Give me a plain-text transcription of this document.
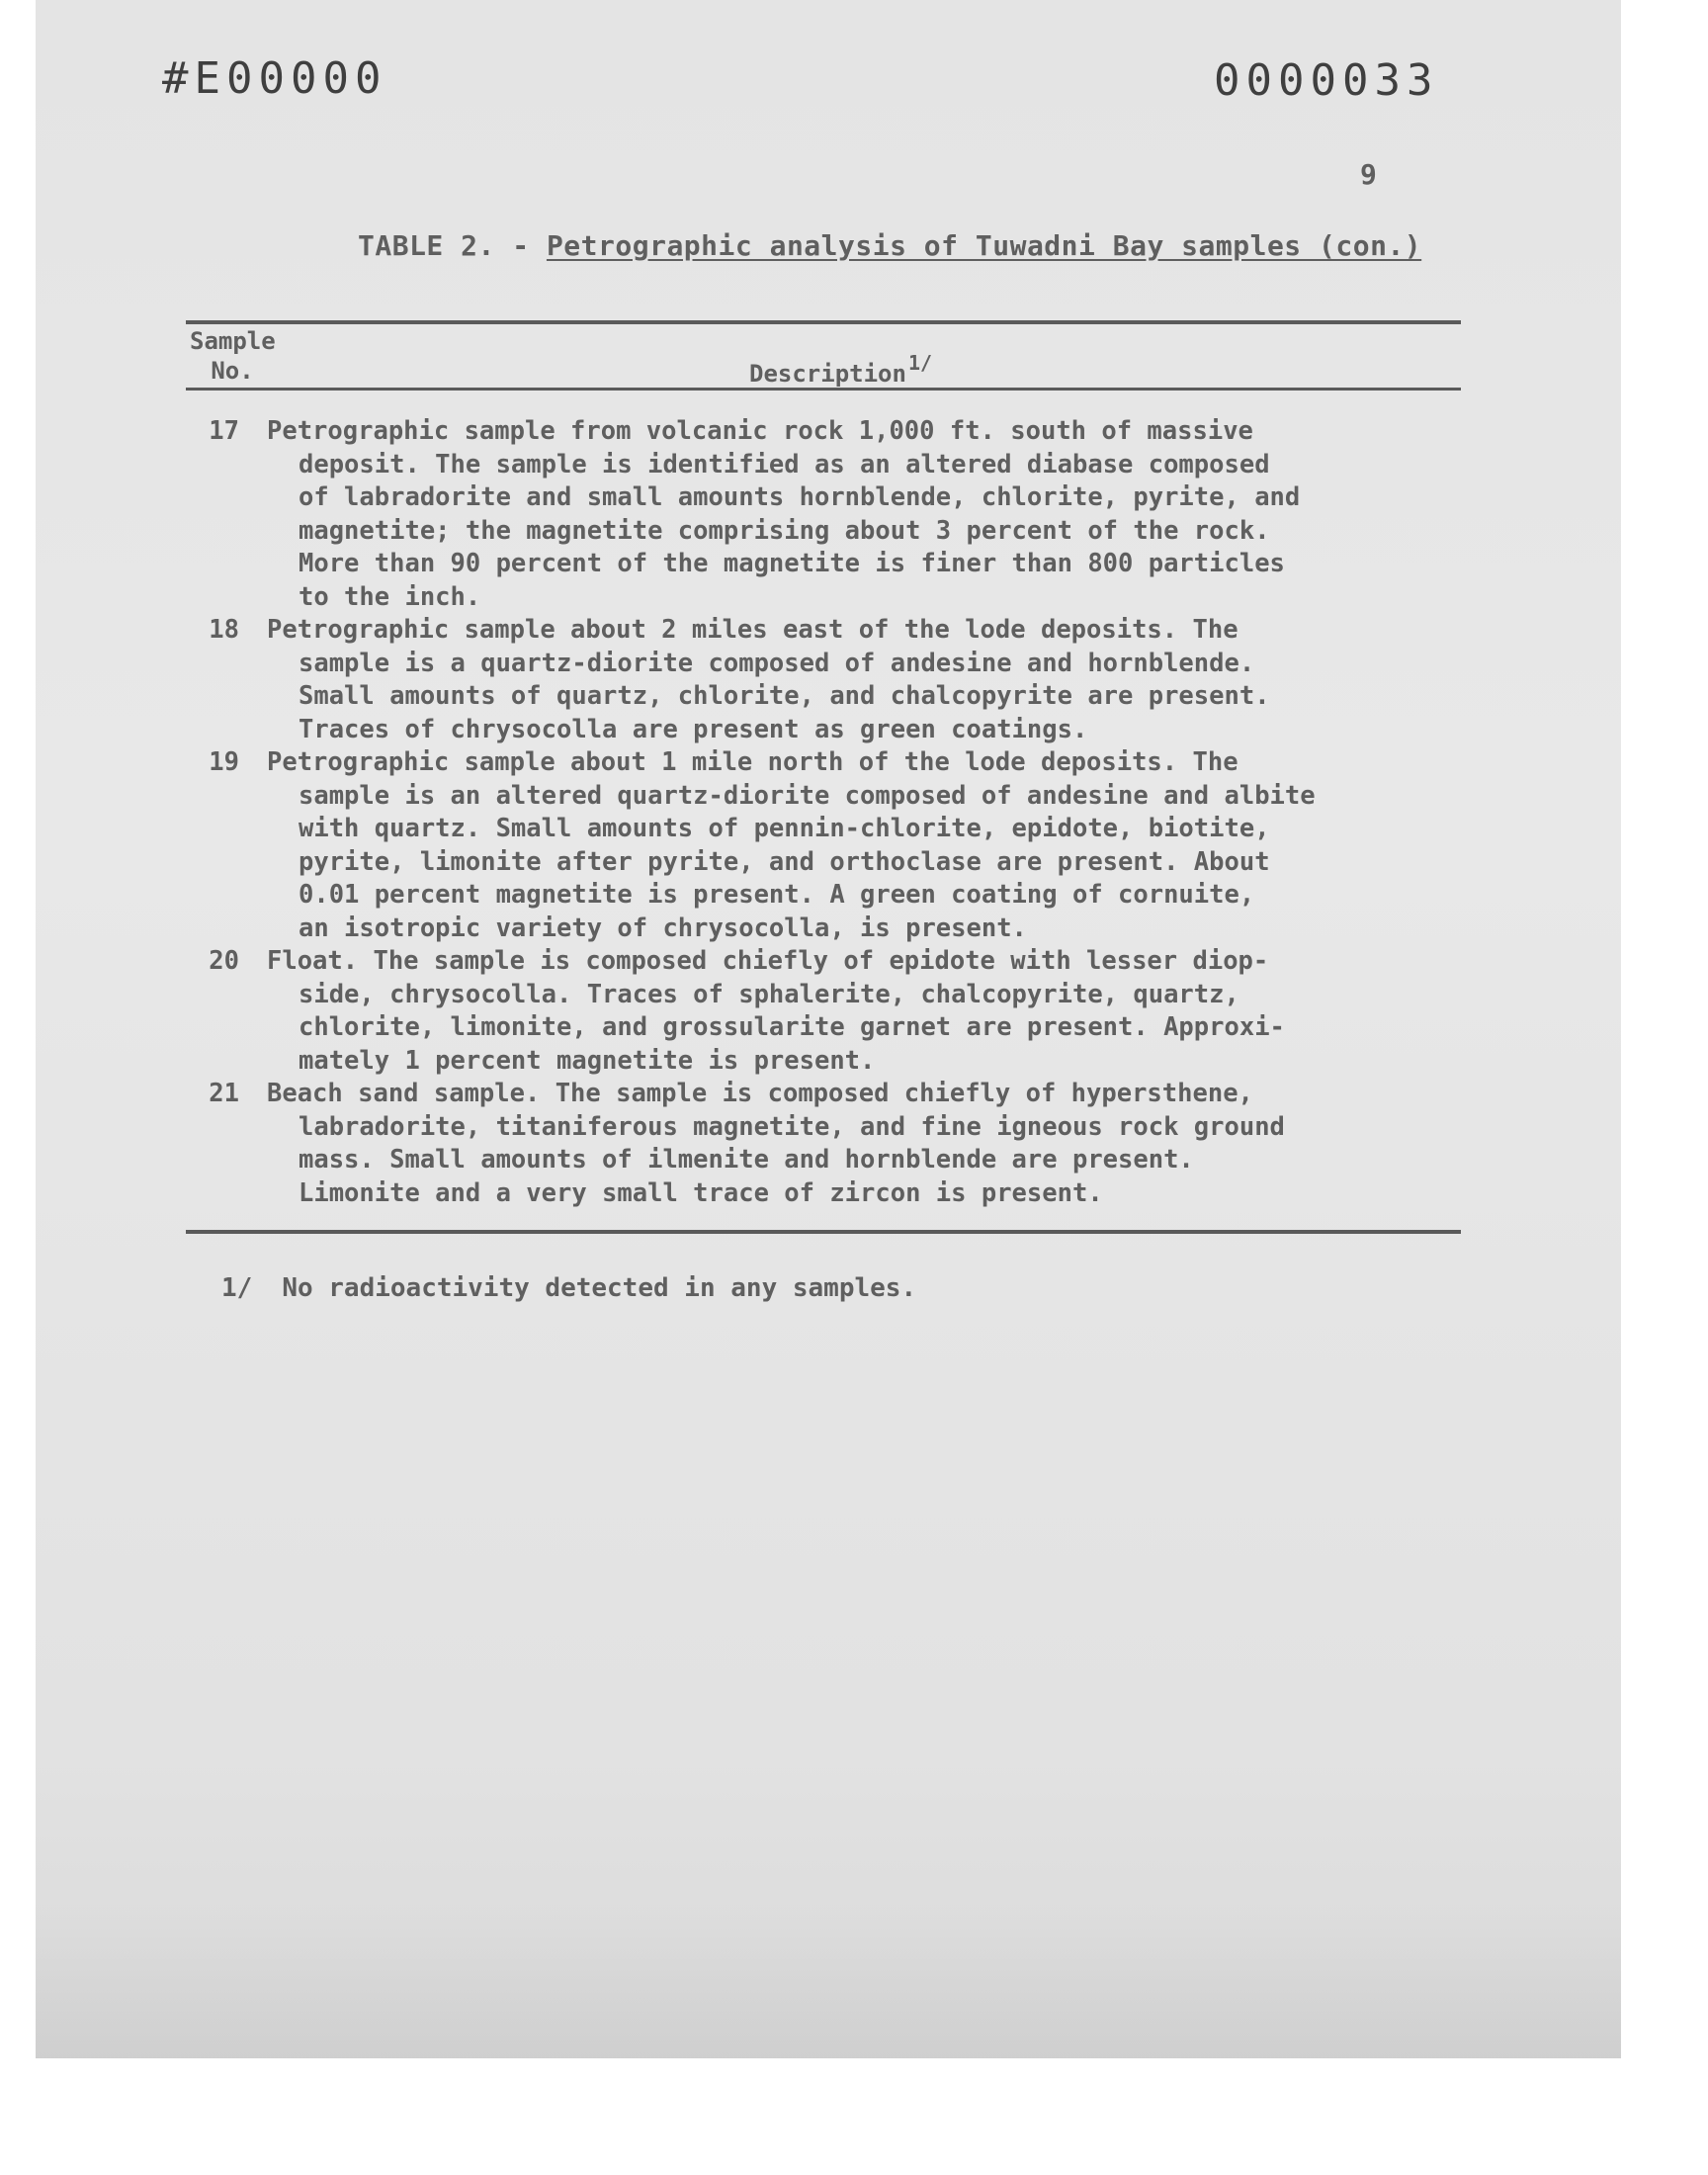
#E00000	0000033
9
TABLE 2. - Petrographic analysis of Tuwadni Bay samples (con.)
Sample
No.	Description $^{1/}$
17 Petrographic sample from volcanic rock 1,000 ft. south of massive
deposit. The sample is identified as an altered diabase composed
of labradorite and small amounts hornblende, chlorite, pyrite, and
magnetite; the magnetite comprising about 3 percent of the rock.
More than 90 percent of the magnetite is finer than 800 particles
to the inch.
18 Petrographic sample about 2 miles east of the lode deposits. The
sample is a quartz-diorite composed of andesine and hornblende.
Small amounts of quartz, chlorite, and chalcopyrite are present.
Traces of chrysocolla are present as green coatings.
19 Petrographic sample about 1 mile north of the lode deposits. The
sample is an altered quartz-diorite composed of andesine and albite
with quartz. Small amounts of pennin-chlorite, epidote, biotite,
pyrite, limonite after pyrite, and orthoclase are present. About
0.01 percent magnetite is present. A green coating of cornuite,
an isotropic variety of chrysocolla, is present.
20 Float. The sample is composed chiefly of epidote with lesser diop-
side, chrysocolla. Traces of sphalerite, chalcopyrite, quartz,
chlorite, limonite, and grossularite garnet are present. Approxi-
mately 1 percent magnetite is present.
21 Beach sand sample. The sample is composed chiefly of hypersthene,
labradorite, titaniferous magnetite, and fine igneous rock ground
mass. Small amounts of ilmenite and hornblende are present.
Limonite and a very small trace of zircon is present.
1/ No radioactivity detected in any samples.
